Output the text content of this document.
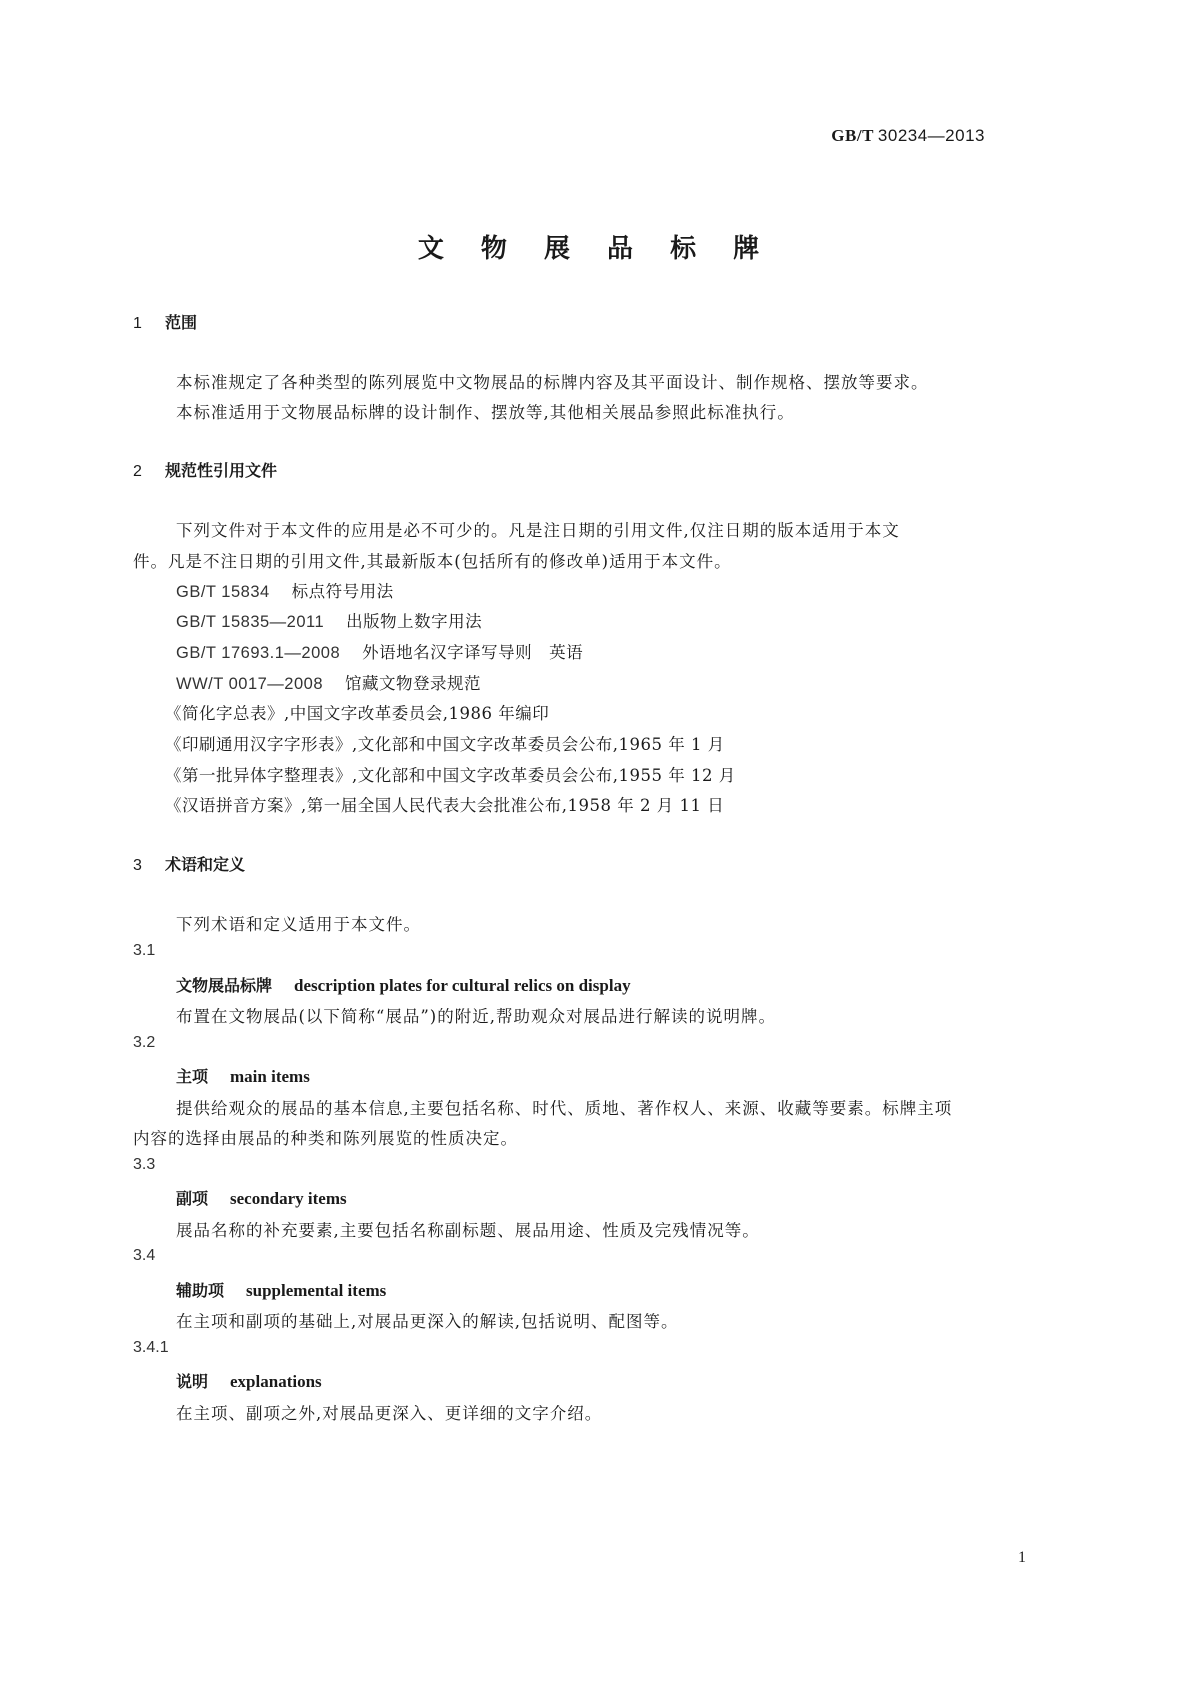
GB/T 30234—2013
文 物 展 品 标 牌
1 范围
本标准规定了各种类型的陈列展览中文物展品的标牌内容及其平面设计、制作规格、摆放等要求。
本标准适用于文物展品标牌的设计制作、摆放等,其他相关展品参照此标准执行。
2 规范性引用文件
下列文件对于本文件的应用是必不可少的。凡是注日期的引用文件,仅注日期的版本适用于本文
件。凡是不注日期的引用文件,其最新版本(包括所有的修改单)适用于本文件。
GB/T 15834 标点符号用法
GB/T 15835—2011 出版物上数字用法
GB/T 17693.1—2008 外语地名汉字译写导则　英语
WW/T 0017—2008 馆藏文物登录规范
《简化字总表》,中国文字改革委员会,1986 年编印
《印刷通用汉字字形表》,文化部和中国文字改革委员会公布,1965 年 1 月
《第一批异体字整理表》,文化部和中国文字改革委员会公布,1955 年 12 月
《汉语拼音方案》,第一届全国人民代表大会批准公布,1958 年 2 月 11 日
3 术语和定义
下列术语和定义适用于本文件。
3.1
文物展品标牌 description plates for cultural relics on display
布置在文物展品(以下简称“展品”)的附近,帮助观众对展品进行解读的说明牌。
3.2
主项 main items
提供给观众的展品的基本信息,主要包括名称、时代、质地、著作权人、来源、收藏等要素。标牌主项
内容的选择由展品的种类和陈列展览的性质决定。
3.3
副项 secondary items
展品名称的补充要素,主要包括名称副标题、展品用途、性质及完残情况等。
3.4
辅助项 supplemental items
在主项和副项的基础上,对展品更深入的解读,包括说明、配图等。
3.4.1
说明 explanations
在主项、副项之外,对展品更深入、更详细的文字介绍。
1
